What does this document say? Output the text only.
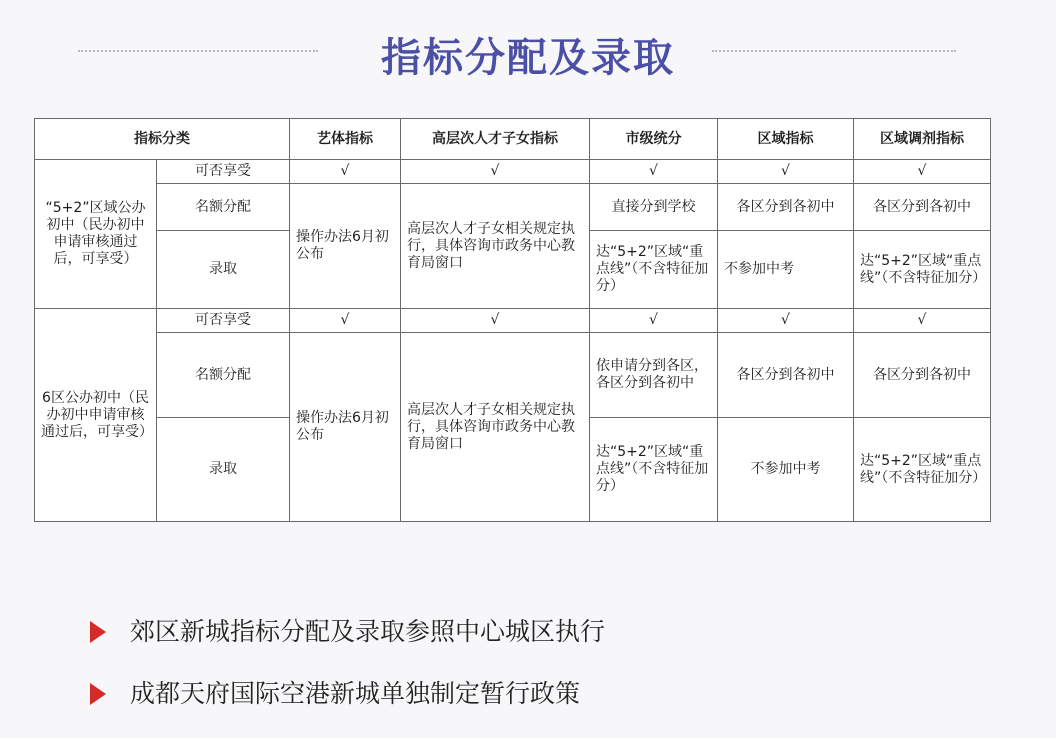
指标分配及录取
指标分类		艺体指标	高层次人才子女指标	市级统分	区域指标	区域调剂指标
“5+2”区域公办初中（民办初中申请审核通过后，可享受）	可否享受	√	√	√	√	√
	名额分配	操作办法6月初公布	高层次人才子女相关规定执行，具体咨询市政务中心教育局窗口	直接分到学校	各区分到各初中	各区分到各初中
	录取			达“5+2”区域“重点线”（不含特征加分）	不参加中考	达“5+2”区域“重点线”（不含特征加分）
6区公办初中（民办初中申请审核通过后，可享受）	可否享受	√	√	√	√	√
	名额分配	操作办法6月初公布	高层次人才子女相关规定执行，具体咨询市政务中心教育局窗口	依申请分到各区，各区分到各初中	各区分到各初中	各区分到各初中
	录取			达“5+2”区域“重点线”（不含特征加分）	不参加中考	达“5+2”区域“重点线”（不含特征加分）
郊区新城指标分配及录取参照中心城区执行
成都天府国际空港新城单独制定暂行政策
